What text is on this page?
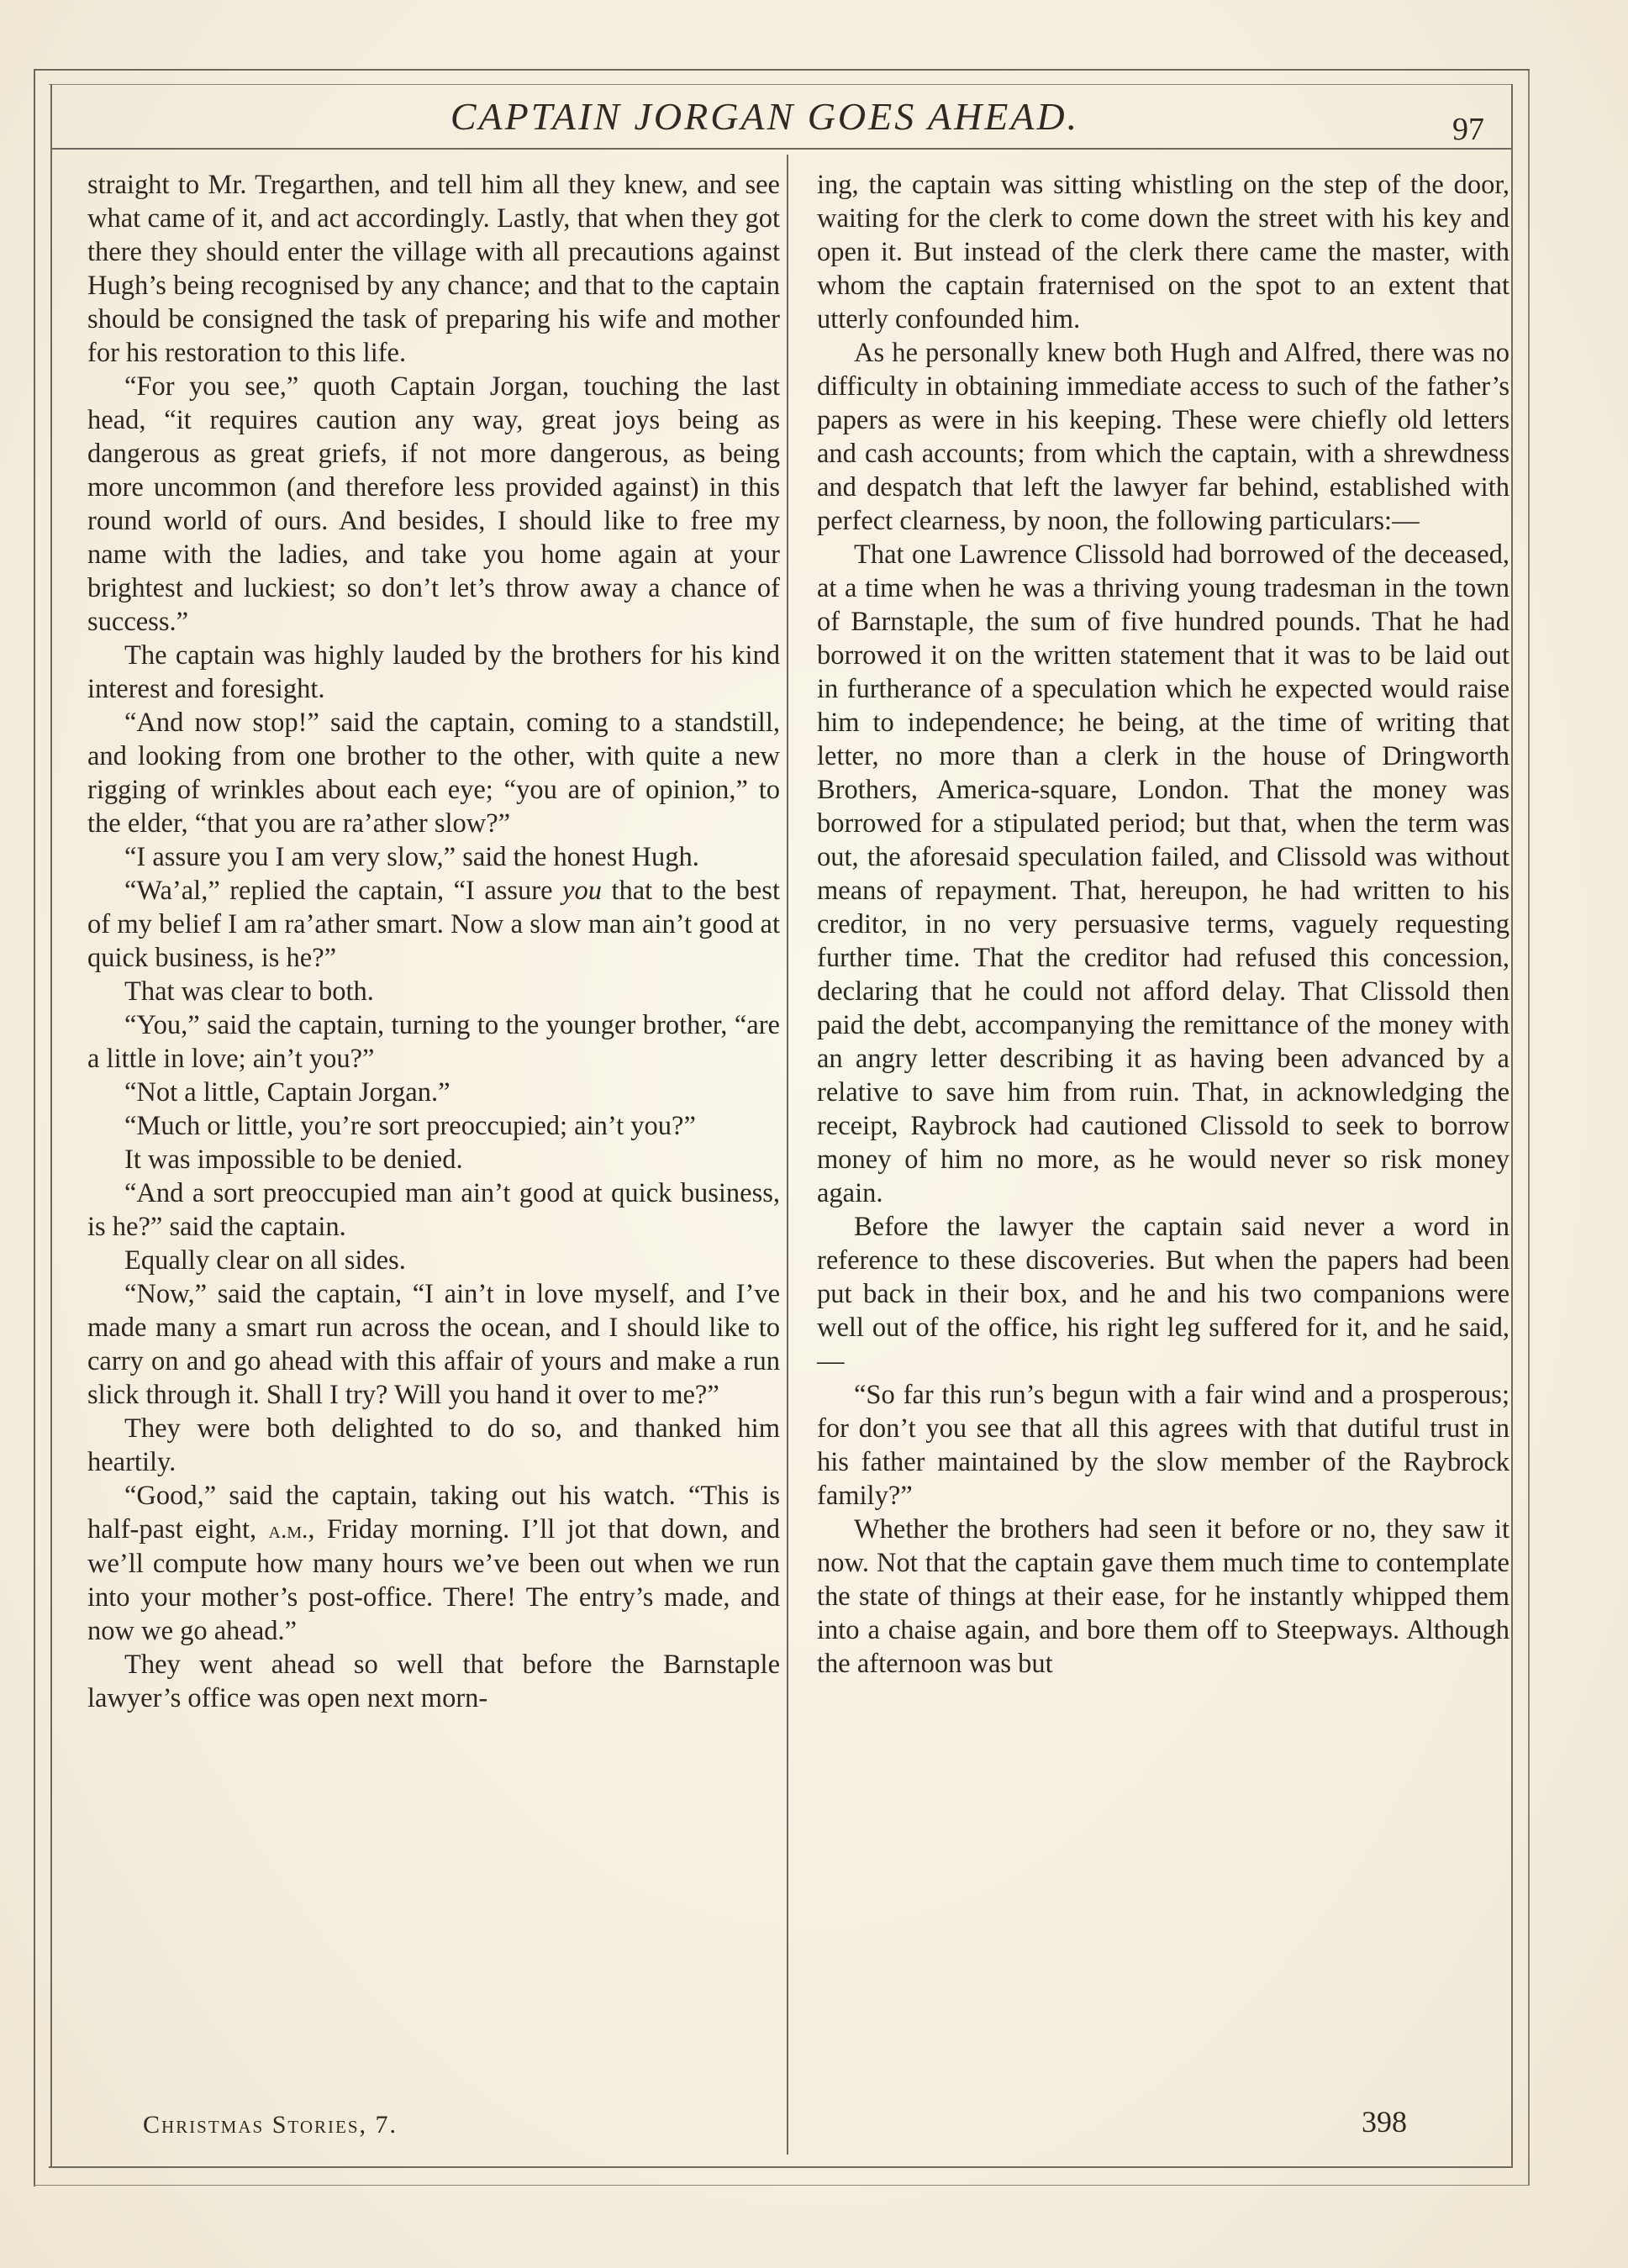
CAPTAIN JORGAN GOES AHEAD.	97

straight to Mr. Tregarthen, and tell him all they knew, and see what came of it, and act accordingly. Lastly, that when they got there they should enter the village with all precautions against Hugh’s being recognised by any chance; and that to the captain should be consigned the task of preparing his wife and mother for his restoration to this life.

“For you see,” quoth Captain Jorgan, touching the last head, “it requires caution any way, great joys being as dangerous as great griefs, if not more dangerous, as being more uncommon (and therefore less provided against) in this round world of ours. And besides, I should like to free my name with the ladies, and take you home again at your brightest and luckiest; so don’t let’s throw away a chance of success.”

The captain was highly lauded by the brothers for his kind interest and foresight.

“And now stop!” said the captain, coming to a standstill, and looking from one brother to the other, with quite a new rigging of wrinkles about each eye; “you are of opinion,” to the elder, “that you are ra’ather slow?”

“I assure you I am very slow,” said the honest Hugh.

“Wa’al,” replied the captain, “I assure you that to the best of my belief I am ra’ather smart. Now a slow man ain’t good at quick business, is he?”

That was clear to both.

“You,” said the captain, turning to the younger brother, “are a little in love; ain’t you?”

“Not a little, Captain Jorgan.”

“Much or little, you’re sort preoccupied; ain’t you?”

It was impossible to be denied.

“And a sort preoccupied man ain’t good at quick business, is he?” said the captain.

Equally clear on all sides.

“Now,” said the captain, “I ain’t in love myself, and I’ve made many a smart run across the ocean, and I should like to carry on and go ahead with this affair of yours and make a run slick through it. Shall I try? Will you hand it over to me?”

They were both delighted to do so, and thanked him heartily.

“Good,” said the captain, taking out his watch. “This is half-past eight, a.m., Friday morning. I’ll jot that down, and we’ll compute how many hours we’ve been out when we run into your mother’s post-office. There! The entry’s made, and now we go ahead.”

They went ahead so well that before the Barnstaple lawyer’s office was open next morn-

ing, the captain was sitting whistling on the step of the door, waiting for the clerk to come down the street with his key and open it. But instead of the clerk there came the master, with whom the captain fraternised on the spot to an extent that utterly confounded him.

As he personally knew both Hugh and Alfred, there was no difficulty in obtaining immediate access to such of the father’s papers as were in his keeping. These were chiefly old letters and cash accounts; from which the captain, with a shrewdness and despatch that left the lawyer far behind, established with perfect clearness, by noon, the following particulars:—

That one Lawrence Clissold had borrowed of the deceased, at a time when he was a thriving young tradesman in the town of Barnstaple, the sum of five hundred pounds. That he had borrowed it on the written statement that it was to be laid out in furtherance of a speculation which he expected would raise him to independence; he being, at the time of writing that letter, no more than a clerk in the house of Dringworth Brothers, America-square, London. That the money was borrowed for a stipulated period; but that, when the term was out, the aforesaid speculation failed, and Clissold was without means of repayment. That, hereupon, he had written to his creditor, in no very persuasive terms, vaguely requesting further time. That the creditor had refused this concession, declaring that he could not afford delay. That Clissold then paid the debt, accompanying the remittance of the money with an angry letter describing it as having been advanced by a relative to save him from ruin. That, in acknowledging the receipt, Raybrock had cautioned Clissold to seek to borrow money of him no more, as he would never so risk money again.

Before the lawyer the captain said never a word in reference to these discoveries. But when the papers had been put back in their box, and he and his two companions were well out of the office, his right leg suffered for it, and he said,—

“So far this run’s begun with a fair wind and a prosperous; for don’t you see that all this agrees with that dutiful trust in his father maintained by the slow member of the Raybrock family?”

Whether the brothers had seen it before or no, they saw it now. Not that the captain gave them much time to contemplate the state of things at their ease, for he instantly whipped them into a chaise again, and bore them off to Steepways. Although the afternoon was but

Christmas Stories, 7.	398
